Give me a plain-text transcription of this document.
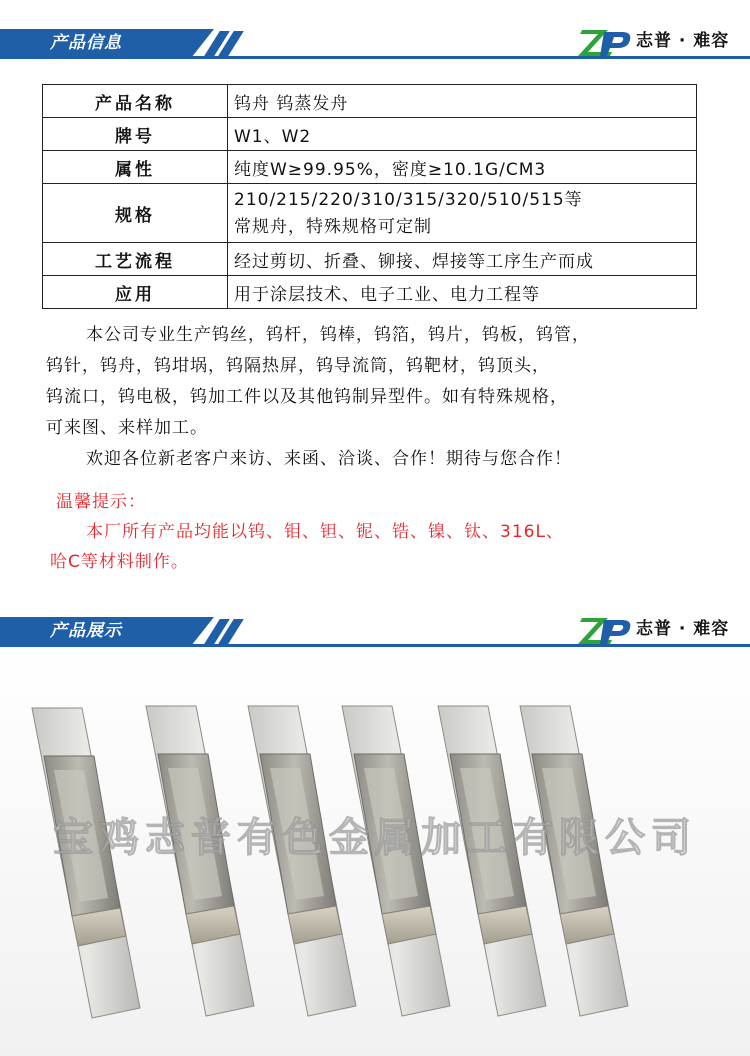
产品信息	志普 · 难容
产品名称	钨舟 钨蒸发舟
牌号	W1、W2
属性	纯度W≥99.95%，密度≥10.1G/CM3
规格	210/215/220/310/315/320/510/515等
常规舟，特殊规格可定制

工艺流程	经过剪切、折叠、铆接、焊接等工序生产而成
应用	用于涂层技术、电子工业、电力工程等

本公司专业生产钨丝，钨杆，钨棒，钨箔，钨片，钨板，钨管，

钨针，钨舟，钨坩埚，钨隔热屏，钨导流筒，钨靶材，钨顶头，

钨流口，钨电极，钨加工件以及其他钨制异型件。如有特殊规格，

可来图、来样加工。

欢迎各位新老客户来访、来函、洽谈、合作！期待与您合作！

温馨提示：

本厂所有产品均能以钨、钼、钽、铌、锆、镍、钛、316L、

哈C等材料制作。

产品展示	志普 · 难容
宝鸡志普有色金属加工有限公司
